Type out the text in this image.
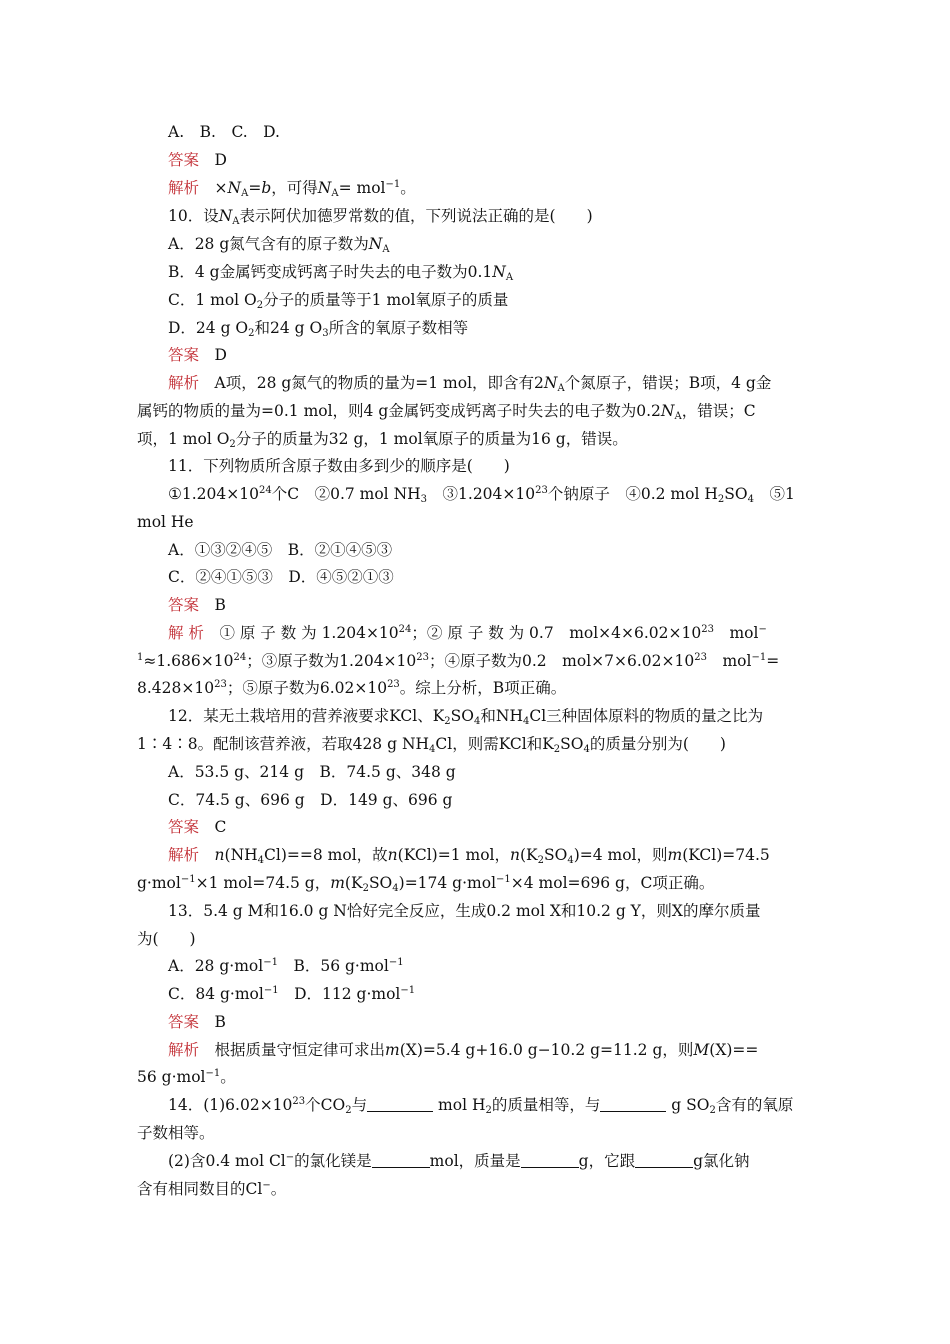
A.　B.　C.　D.
答案　 D
解析　 $\times N_A=b$，可得$N_A= mol^{-1}$。
10．设$N_A$表示阿伏加德罗常数的值，下列说法正确的是(　　)
A．28 g氮气含有的原子数为$N_A$
B．4 g金属钙变成钙离子时失去的电子数为$0.1N_A$
C．1 mol $O_2$分子的质量等于1 mol氧原子的质量
D．24 g $O_2$和24 g $O_3$所含的氧原子数相等
答案　 D
解析　A项，28 g氮气的物质的量为=1 mol，即含有$2N_A$个氮原子，错误；B项，4 g金
属钙的物质的量为=0.1 mol，则4 g金属钙变成钙离子时失去的电子数为$0.2N_A$，错误；C
项，1 mol $O_2$分子的质量为32 g，1 mol氧原子的质量为16 g，错误。
11．下列物质所含原子数由多到少的顺序是(　　)
$①1.204\times 10^{24}$个C　②0.7 mol $NH_3$　$③1.204\times 10^{23}$个钠原子　④0.2 mol $H_2SO_4$　⑤1
mol He
A．①③②④⑤　B．②①④⑤③
C．②④①⑤③　D．④⑤②①③
答案　 B
解 析　① 原 子 数 为 $1.204\times 10^{24}$；② 原 子 数 为 0.7　$mol\times 4\times 6.02\times 10^{23}$　mol−
$^1\approx 1.686\times 10^{24}$；③原子数为$1.204\times 10^{23}$；④原子数为0.2　$mol\times 7\times 6.02\times 10^{23}$　mol$^{-1}$=
$8.428\times 10^{23}$；⑤原子数为$6.02\times 10^{23}$。综上分析，B项正确。
12．某无土栽培用的营养液要求KCl、$K_2SO_4$和$NH_4Cl$三种固体原料的物质的量之比为
1∶4∶8。配制该营养液，若取428 g $NH_4Cl$，则需KCl和$K_2SO_4$的质量分别为(　　)
A．53.5 g、214 g　B．74.5 g、348 g
C．74.5 g、696 g　D．149 g、696 g
答案　 C
解析　 $n(NH_4Cl)==8$ mol，故n(KCl)=1 mol，$n(K_2SO_4)=4$ mol，则m(KCl)=74.5
g·mol$^{-1}$×1 mol=74.5 g，$m(K_2SO_4)=174$ g·mol$^{-1}$×4 mol=696 g，C项正确。
13．5.4 g M和16.0 g N恰好完全反应，生成0.2 mol X和10.2 g Y，则X的摩尔质量
为(　　)
A．28 g·mol$^{-1}$　B．56 g·mol$^{-1}$
C．84 g·mol$^{-1}$　D．112 g·mol$^{-1}$
答案　 B
解析　根据质量守恒定律可求出m(X)=5.4 g+16.0 g−10.2 g=11.2 g，则M(X)==
56 g·mol$^{-1}$。
14．$(1)6.02\times 10^{23}$个$CO_2$与	mol $H_2$的质量相等，与	g $SO_2$含有的氧原
子数相等。
(2)含0.4 mol Cl−的氯化镁是	mol，质量是	g，它跟	g氯化钠
含有相同数目的Cl−。
